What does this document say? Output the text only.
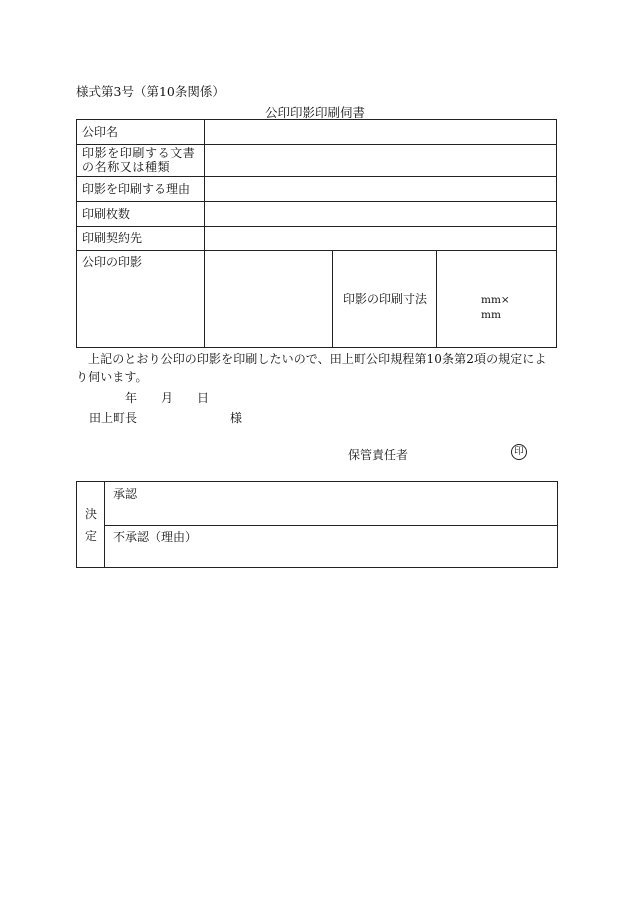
様式第3号（第10条関係）
公印印影印刷伺書
公印名
印影を印刷する文書
の名称又は種類
印影を印刷する理由
印刷枚数
印刷契約先
公印の印影
印影の印刷寸法	mm×　　　mm
上記のとおり公印の印影を印刷したいので、田上町公印規程第10条第2項の規定により伺います。
年 月 日
田上町長	様
保管責任者	印
決
定
承認
不承認（理由）
